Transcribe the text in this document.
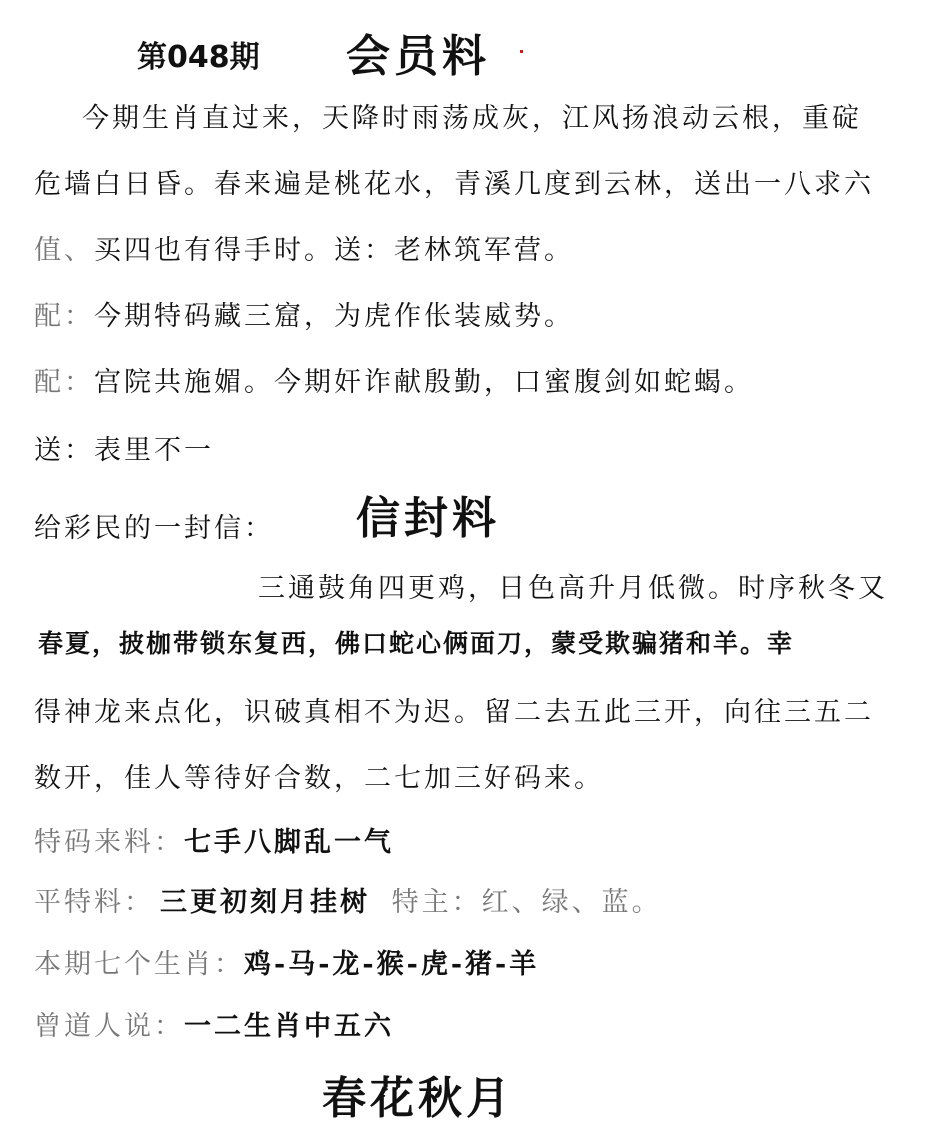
第048期 会员料
今期生肖直过来，天降时雨荡成灰，江风扬浪动云根，重碇
危墙白日昏。春来遍是桃花水，青溪几度到云林，送出一八求六
值、买四也有得手时。送：老林筑军营。
配：今期特码藏三窟，为虎作伥装威势。
配：宫院共施媚。今期奸诈献殷勤，口蜜腹剑如蛇蝎。
送：表里不一
给彩民的一封信： 信封料
三通鼓角四更鸡，日色高升月低微。时序秋冬又
春夏，披枷带锁东复西，佛口蛇心俩面刀，蒙受欺骗猪和羊。幸
得神龙来点化，识破真相不为迟。留二去五此三开，向往三五二
数开，佳人等待好合数，二七加三好码来。
特码来料：七手八脚乱一气
平特料： 三更初刻月挂树 特主：红、绿、蓝。
本期七个生肖：鸡-马-龙-猴-虎-猪-羊
曾道人说：一二生肖中五六
春花秋月
